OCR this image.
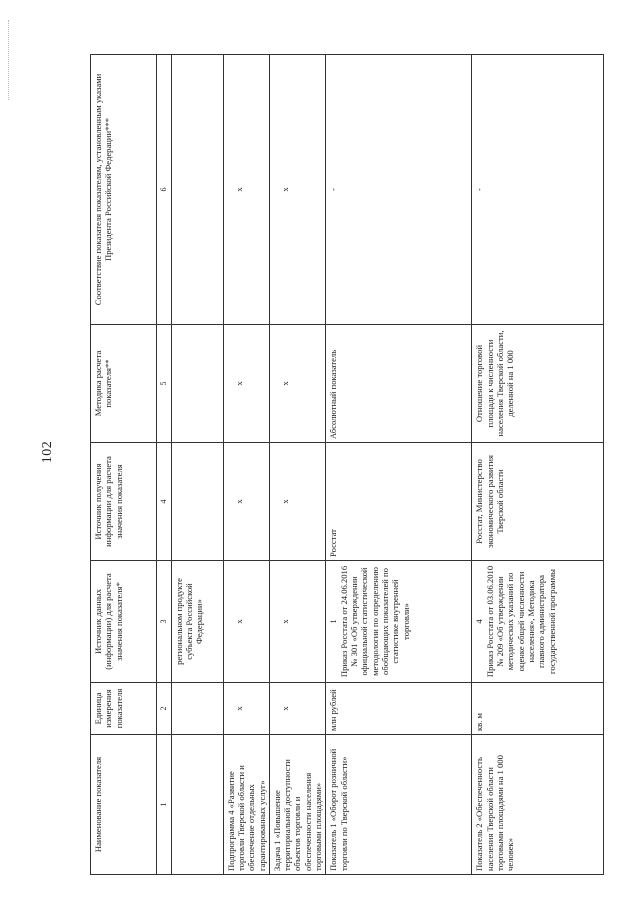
102
Наименование показателя	Единица измерения показателя	Источник данных (информации) для расчета значения показателя*	Источник получения информации для расчета значения показателя	Методика расчета показателя**	Соответствие показателя показателям, установленным указами Президента Российской Федерации***
1	2	3	4	5	6
		региональном продукте субъекта Российской Федерации»			
Подпрограмма 4 «Развитие торговли Тверской области и обеспечение отдельных гарантированных услуг»	x	x	x	x	x

Задача 1 «Повышение территориальной доступности объектов торговли и обеспеченности населения торговыми площадями»	x	x	x	x	x

Показатель 1 «Оборот розничной торговли по Тверской области»	млн рублей	1 Приказ Росстата от 24.06.2016 № 301 «Об утверждении официальной статистической методологии по определению обобщающих показателей по статистике внутренней торговли»	Росстат	Абсолютный показатель	-

Показатель 2 «Обеспеченность населения Тверской области торговыми площадями на 1 000 человек»	кв. м	4 Приказ Росстата от 03.06.2010 № 209 «Об утверждении методических указаний по оценке общей численности населения», Методика главного администратора государственной программы	Росстат, Министерство экономического развития Тверской области	Отношение торговой площади к численности населения Тверской области, деленной на 1 000	-
